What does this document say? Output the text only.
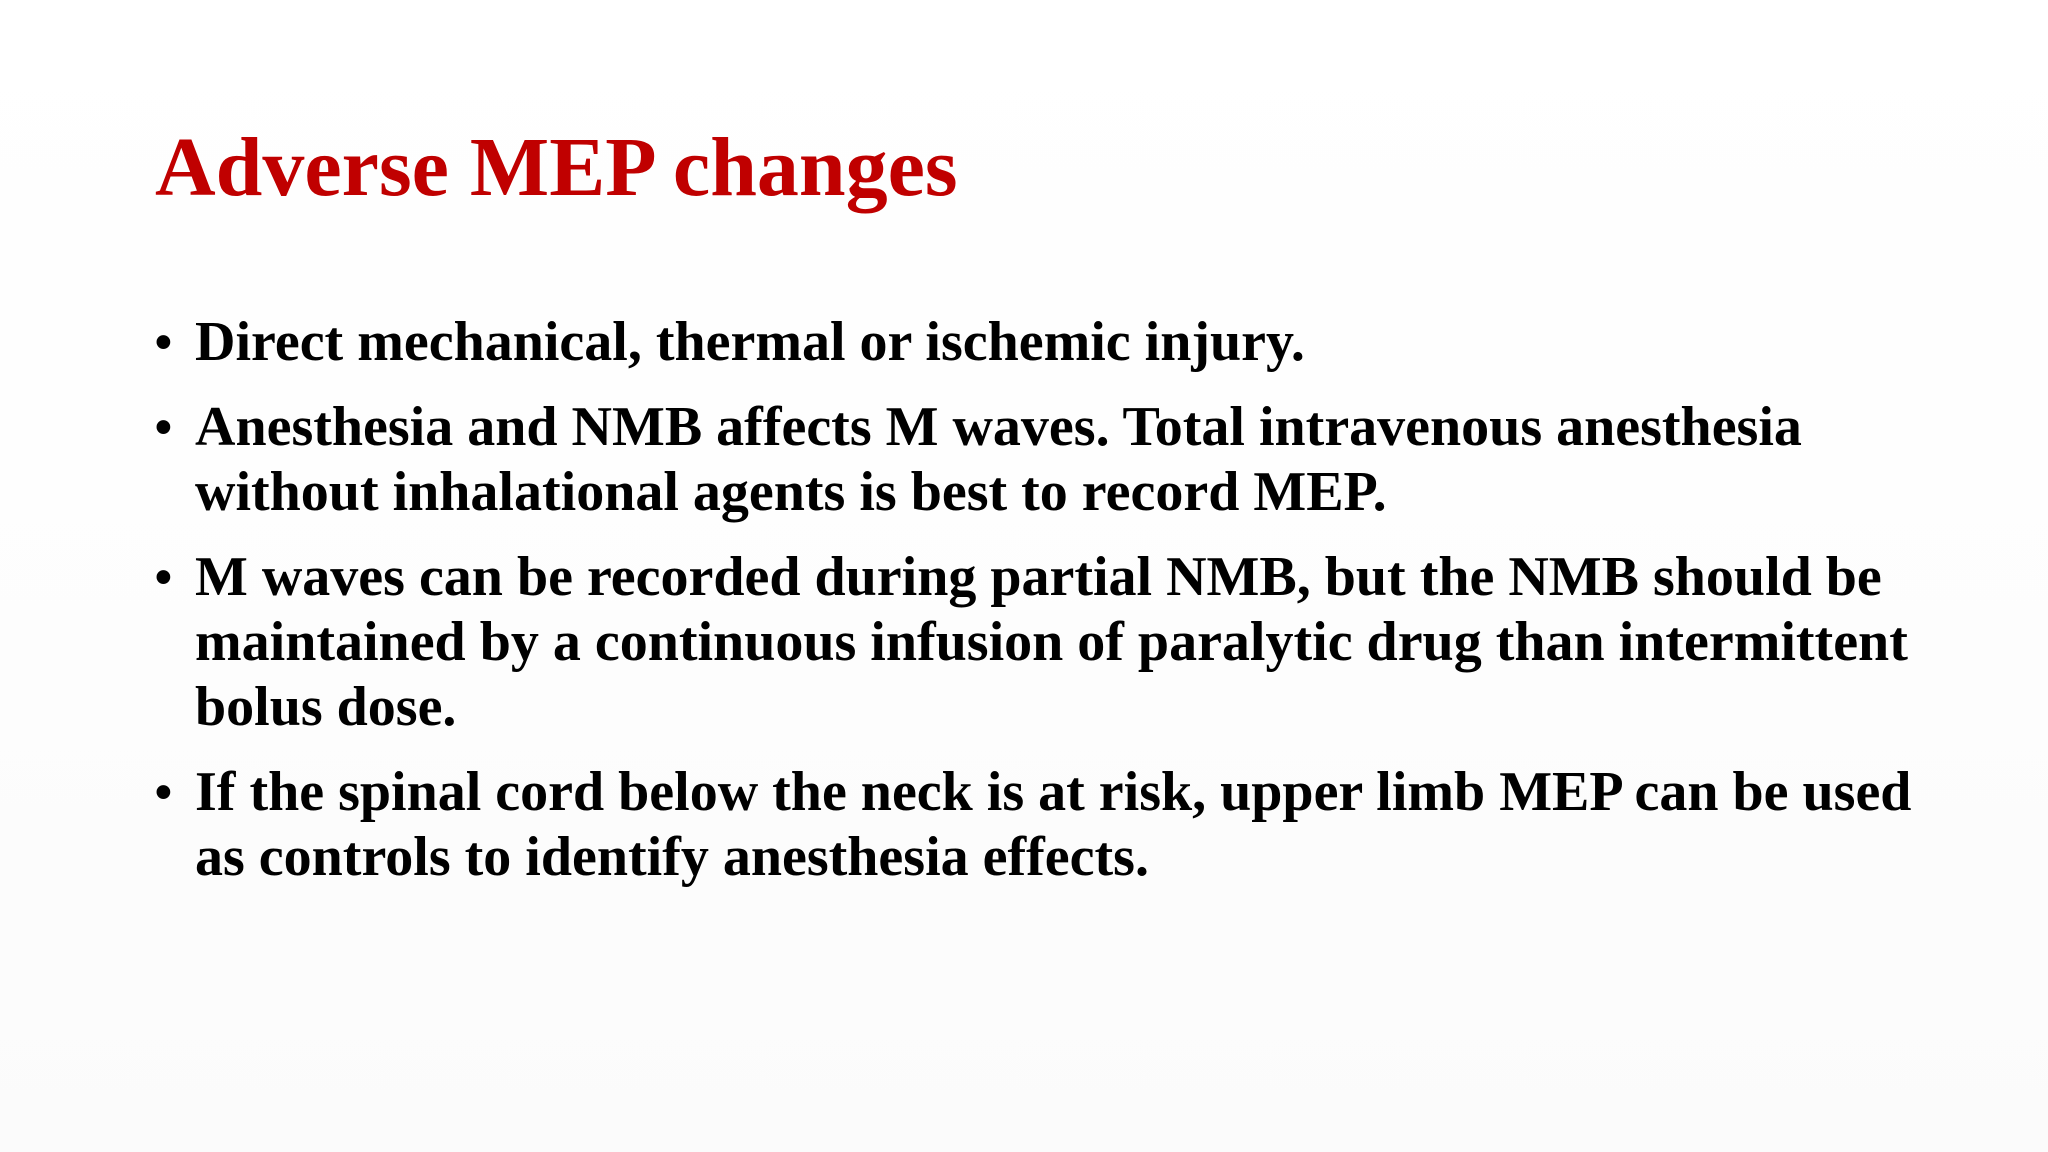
Adverse MEP changes
• Direct mechanical, thermal or ischemic injury.
• Anesthesia and NMB affects M waves. Total intravenous anesthesia without inhalational agents is best to record MEP.
• M waves can be recorded during partial NMB, but the NMB should be maintained by a continuous infusion of paralytic drug than intermittent bolus dose.
• If the spinal cord below the neck is at risk, upper limb MEP can be used as controls to identify anesthesia effects.
